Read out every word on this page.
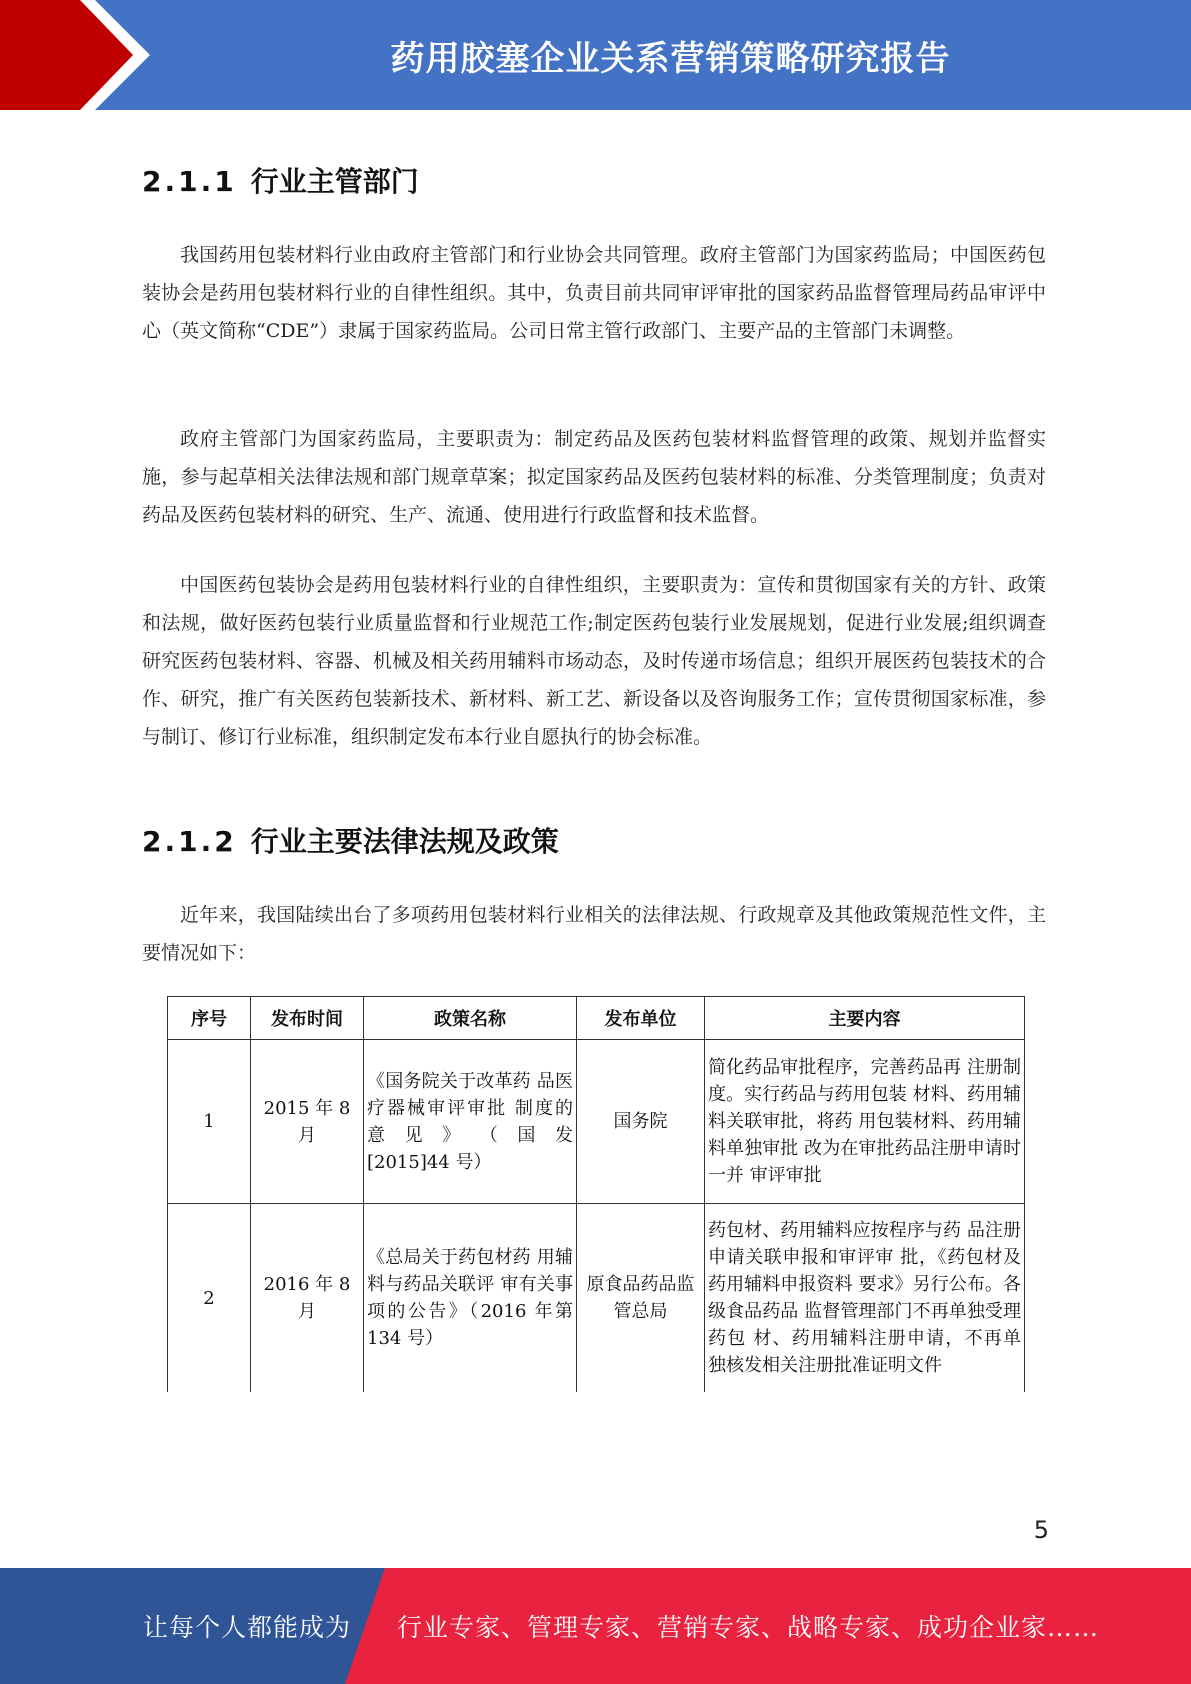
药用胶塞企业关系营销策略研究报告
2.1.1 行业主管部门

我国药用包装材料行业由政府主管部门和行业协会共同管理。政府主管部门为国家药监局；中国医药包装协会是药用包装材料行业的自律性组织。其中，负责目前共同审评审批的国家药品监督管理局药品审评中心（英文简称“CDE”）隶属于国家药监局。公司日常主管行政部门、主要产品的主管部门未调整。

政府主管部门为国家药监局，主要职责为：制定药品及医药包装材料监督管理的政策、规划并监督实施，参与起草相关法律法规和部门规章草案；拟定国家药品及医药包装材料的标准、分类管理制度；负责对药品及医药包装材料的研究、生产、流通、使用进行行政监督和技术监督。

中国医药包装协会是药用包装材料行业的自律性组织，主要职责为：宣传和贯彻国家有关的方针、政策和法规，做好医药包装行业质量监督和行业规范工作;制定医药包装行业发展规划，促进行业发展;组织调查研究医药包装材料、容器、机械及相关药用辅料市场动态，及时传递市场信息；组织开展医药包装技术的合作、研究，推广有关医药包装新技术、新材料、新工艺、新设备以及咨询服务工作；宣传贯彻国家标准，参与制订、修订行业标准，组织制定发布本行业自愿执行的协会标准。

2.1.2 行业主要法律法规及政策

近年来，我国陆续出台了多项药用包装材料行业相关的法律法规、行政规章及其他政策规范性文件，主要情况如下：

序号	发布时间	政策名称	发布单位	主要内容
1	2015 年 8 月	《国务院关于改革药 品医疗器械审评审批 制度的 意 见 》 （ 国 发[2015]44 号）	国务院	简化药品审批程序，完善药品再 注册制度。实行药品与药用包装 材料、药用辅料关联审批，将药 用包装材料、药用辅料单独审批 改为在审批药品注册申请时一并 审评审批
2	2016 年 8 月	《总局关于药包材药 用辅料与药品关联评 审有关事项的公告》（2016 年第 134 号）	原食品药品监管总局	药包材、药用辅料应按程序与药 品注册申请关联申报和审评审 批，《药包材及药用辅料申报资料 要求》另行公布。各级食品药品 监督管理部门不再单独受理药包 材、药用辅料注册申请，不再单 独核发相关注册批准证明文件
5
让每个人都能成为 行业专家、管理专家、营销专家、战略专家、成功企业家……
